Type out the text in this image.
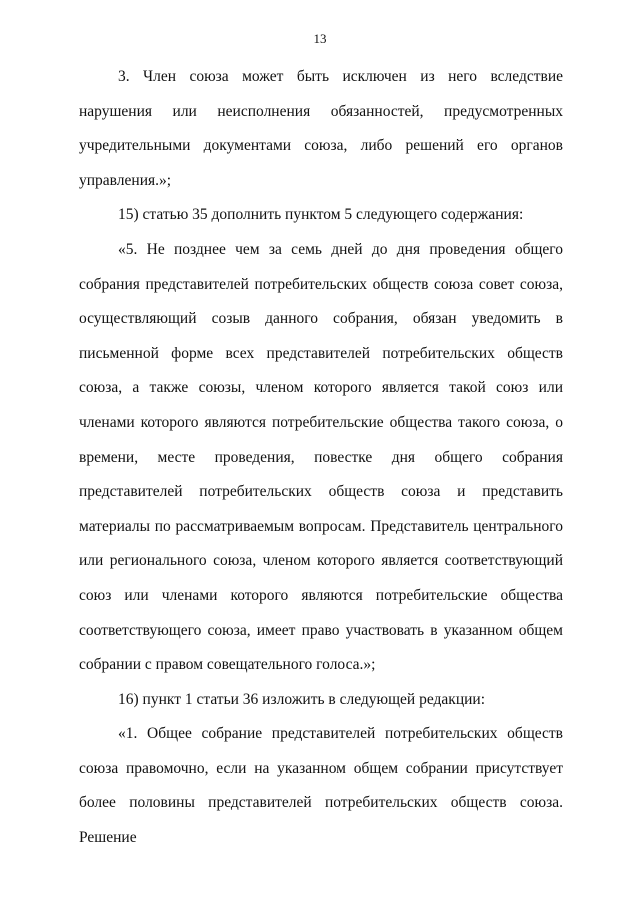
13

3. Член союза может быть исключен из него вследствие нарушения или неисполнения обязанностей, предусмотренных учредительными документами союза, либо решений его органов управления.»;

15) статью 35 дополнить пунктом 5 следующего содержания:

«5. Не позднее чем за семь дней до дня проведения общего собрания представителей потребительских обществ союза совет союза, осуществляющий созыв данного собрания, обязан уведомить в письменной форме всех представителей потребительских обществ союза, а также союзы, членом которого является такой союз или членами которого являются потребительские общества такого союза, о времени, месте проведения, повестке дня общего собрания представителей потребительских обществ союза и представить материалы по рассматриваемым вопросам. Представитель центрального или регионального союза, членом которого является соответствующий союз или членами которого являются потребительские общества соответствующего союза, имеет право участвовать в указанном общем собрании с правом совещательного голоса.»;

16) пункт 1 статьи 36 изложить в следующей редакции:

«1. Общее собрание представителей потребительских обществ союза правомочно, если на указанном общем собрании присутствует более половины представителей потребительских обществ союза. Решение
